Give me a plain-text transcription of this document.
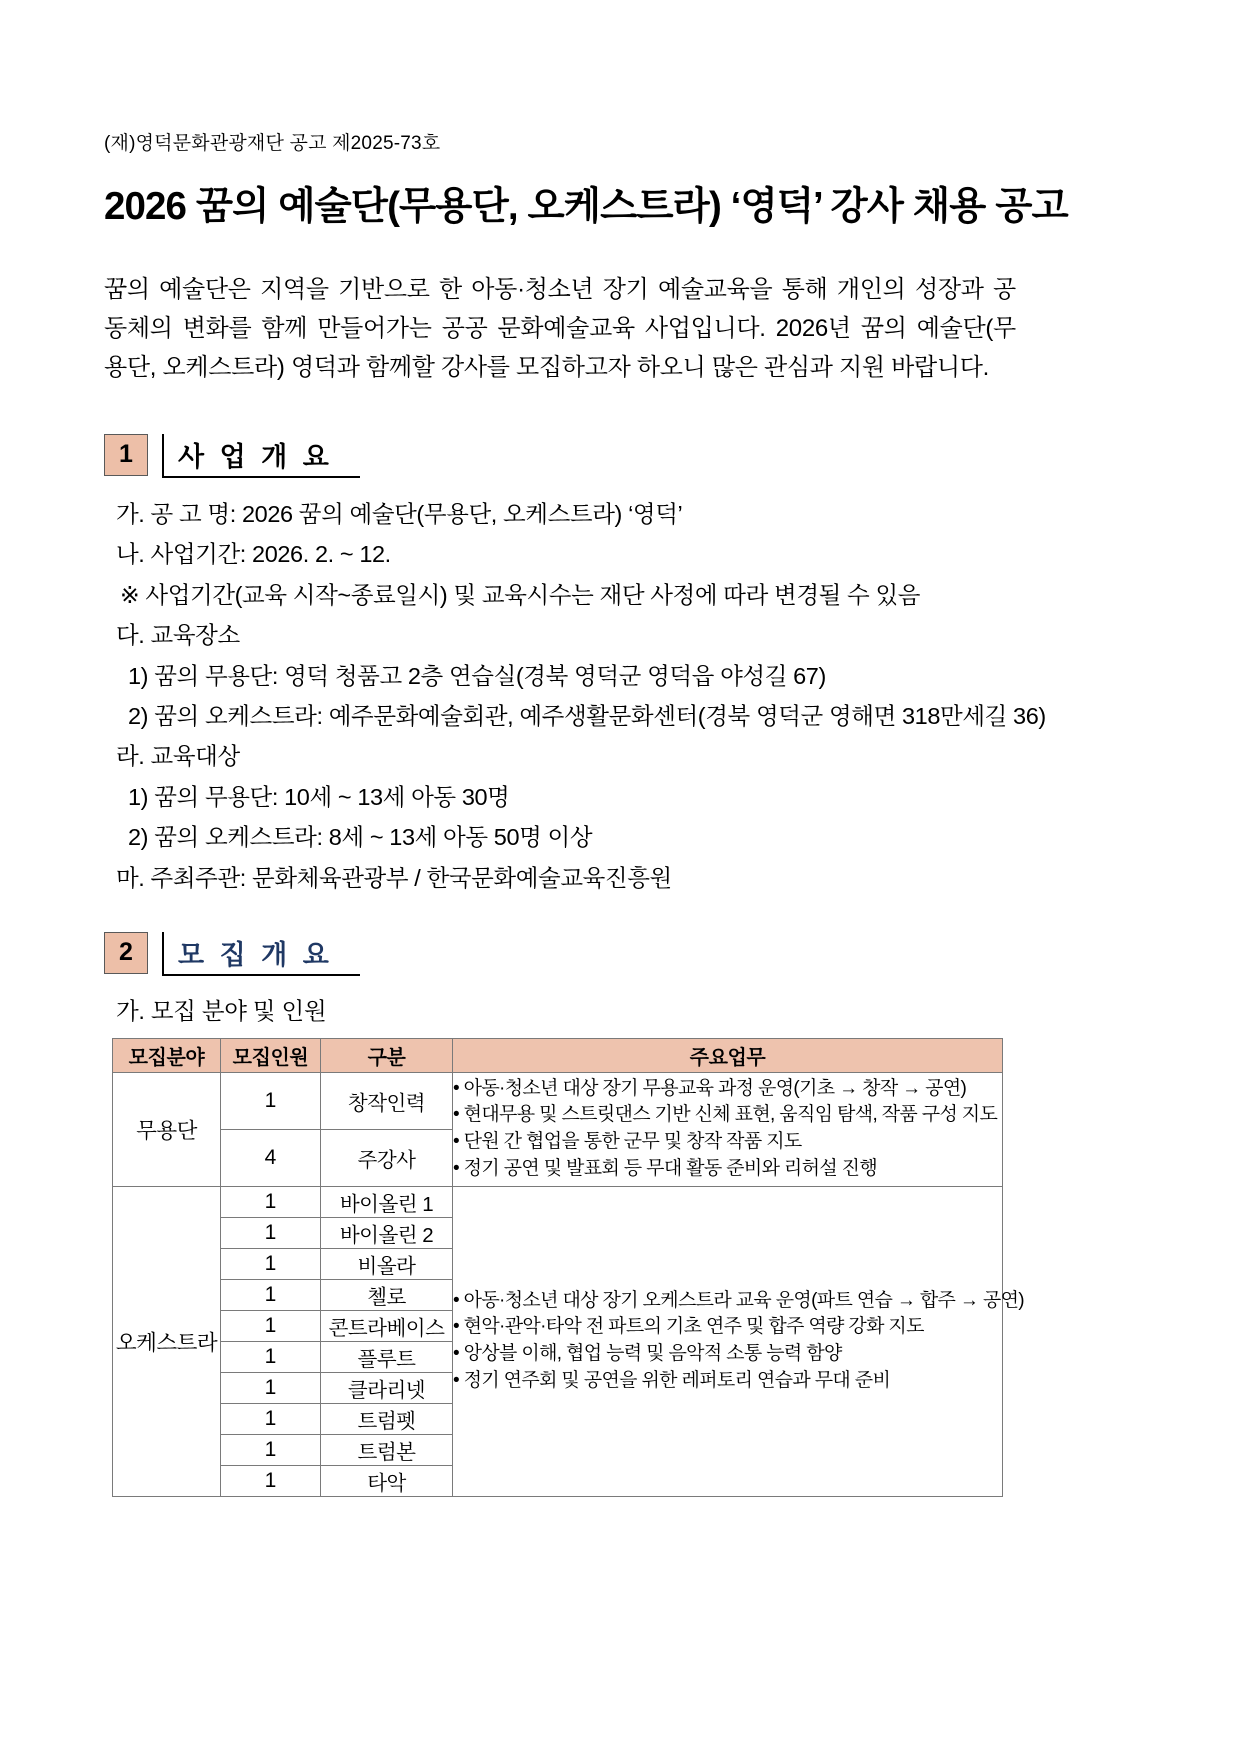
(재)영덕문화관광재단 공고 제2025-73호
2026 꿈의 예술단(무용단, 오케스트라) ‘영덕’ 강사 채용 공고
꿈의 예술단은 지역을 기반으로 한 아동·청소년 장기 예술교육을 통해 개인의 성장과 공
동체의 변화를 함께 만들어가는 공공 문화예술교육 사업입니다. 2026년 꿈의 예술단(무
용단, 오케스트라) 영덕과 함께할 강사를 모집하고자 하오니 많은 관심과 지원 바랍니다.
1	사 업 개 요
가. 공 고 명: 2026 꿈의 예술단(무용단, 오케스트라) ‘영덕’
나. 사업기간: 2026. 2. ~ 12.
※ 사업기간(교육 시작~종료일시) 및 교육시수는 재단 사정에 따라 변경될 수 있음
다. 교육장소
1) 꿈의 무용단: 영덕 청품고 2층 연습실(경북 영덕군 영덕읍 야성길 67)
2) 꿈의 오케스트라: 예주문화예술회관, 예주생활문화센터(경북 영덕군 영해면 318만세길 36)
라. 교육대상
1) 꿈의 무용단: 10세 ~ 13세 아동 30명
2) 꿈의 오케스트라: 8세 ~ 13세 아동 50명 이상
마. 주최주관: 문화체육관광부 / 한국문화예술교육진흥원
2	모 집 개 요
가. 모집 분야 및 인원
모집분야	모집인원	구분	주요업무
무용단	1	창작인력	• 아동·청소년 대상 장기 무용교육 과정 운영(기초 → 창작 → 공연)
• 현대무용 및 스트릿댄스 기반 신체 표현, 움직임 탐색, 작품 구성 지도
• 단원 간 협업을 통한 군무 및 창작 작품 지도
• 정기 공연 및 발표회 등 무대 활동 준비와 리허설 진행

	4	주강사	
오케스트라	1	바이올린 1	• 아동·청소년 대상 장기 오케스트라 교육 운영(파트 연습 → 합주 → 공연)
• 현악·관악·타악 전 파트의 기초 연주 및 합주 역량 강화 지도
• 앙상블 이해, 협업 능력 및 음악적 소통 능력 함양
• 정기 연주회 및 공연을 위한 레퍼토리 연습과 무대 준비

	1	바이올린 2	
	1	비올라	
	1	첼로	
	1	콘트라베이스	
	1	플루트	
	1	클라리넷	
	1	트럼펫	
	1	트럼본	
	1	타악	
